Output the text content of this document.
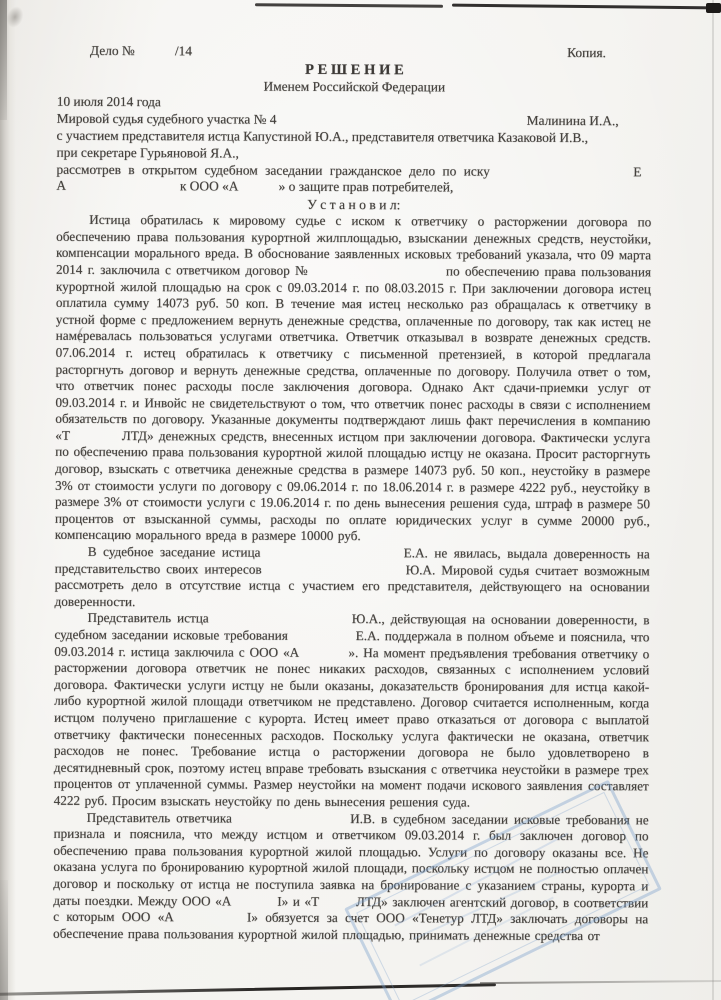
Дело №            /14	Копия.
Р Е Ш Е Н И Е
Именем Российской Федерации
10 июля 2014 года
Мировой судья судебного участка № 4	Малинина И.А.,
с участием представителя истца Капустиной Ю.А., представителя ответчика Казаковой И.В.,
при секретаре Гурьяновой Я.А.,
рассмотрев в открытом судебном заседании гражданское дело по иску	Е
А                                  к ООО «А            » о защите прав потребителей,
У с т а н о в и л:

Истица обратилась к мировому судье с иском к ответчику о расторжении договора по обеспечению права пользования курортной жилплощадью, взыскании денежных средств, неустойки, компенсации морального вреда. В обоснование заявленных исковых требований указала, что 09 марта 2014 г. заключила с ответчиком договор №                          по обеспечению права пользования курортной жилой площадью на срок с 09.03.2014 г. по 08.03.2015 г. При заключении договора истец оплатила сумму 14073 руб. 50 коп. В течение мая истец несколько раз обращалась к ответчику в устной форме с предложением вернуть денежные средства, оплаченные по договору, так как истец не намеревалась пользоваться услугами ответчика. Ответчик отказывал в возврате денежных средств. 07.06.2014 г. истец обратилась к ответчику с письменной претензией, в которой предлагала расторгнуть договор и вернуть денежные средства, оплаченные по договору. Получила ответ о том, что ответчик понес расходы после заключения договора. Однако Акт сдачи-приемки услуг от 09.03.2014 г. и Инвойс не свидетельствуют о том, что ответчик понес расходы в связи с исполнением обязательств по договору. Указанные документы подтверждают лишь факт перечисления в компанию «Т          ЛТД» денежных средств, внесенных истцом при заключении договора. Фактически услуга по обеспечению права пользования курортной жилой площадью истцу не оказана. Просит расторгнуть договор, взыскать с ответчика денежные средства в размере 14073 руб. 50 коп., неустойку в размере 3% от стоимости услуги по договору с 09.06.2014 г. по 18.06.2014 г. в размере 4222 руб., неустойку в размере 3% от стоимости услуги с 19.06.2014 г. по день вынесения решения суда, штраф в размере 50 процентов от взысканной суммы, расходы по оплате юридических услуг в сумме 20000 руб., компенсацию морального вреда в размере 10000 руб.

В судебное заседание истица                      Е.А. не явилась, выдала доверенность на представительство своих интересов                        Ю.А. Мировой судья считает возможным рассмотреть дело в отсутствие истца с участием его представителя, действующего на основании доверенности.

Представитель истца                        Ю.А., действующая на основании доверенности, в судебном заседании исковые требования              Е.А. поддержала в полном объеме и пояснила, что 09.03.2014 г. истица заключила с ООО «А          ». На момент предъявления требования ответчику о расторжении договора ответчик не понес никаких расходов, связанных с исполнением условий договора. Фактически услуги истцу не были оказаны, доказательств бронирования для истца какой-либо курортной жилой площади ответчиком не представлено. Договор считается исполненным, когда истцом получено приглашение с курорта. Истец имеет право отказаться от договора с выплатой ответчику фактически понесенных расходов. Поскольку услуга фактически не оказана, ответчик расходов не понес. Требование истца о расторжении договора не было удовлетворено в десятидневный срок, поэтому истец вправе требовать взыскания с ответчика неустойки в размере трех процентов от уплаченной суммы. Размер неустойки на момент подачи искового заявления составляет 4222 руб. Просим взыскать неустойку по день вынесения решения суда.

Представитель ответчика                    И.В. в судебном заседании исковые требования не признала и пояснила, что между истцом и ответчиком 09.03.2014 г. был заключен договор по обеспечению права пользования курортной жилой площадью. Услуги по договору оказаны все. Не оказана услуга по бронированию курортной жилой площади, поскольку истцом не полностью оплачен договор и поскольку от истца не поступила заявка на бронирование с указанием страны, курорта и даты поездки. Между ООО «А          I» и «Т        ЛТД» заключен агентский договор, в соответствии с которым ООО «А          I» обязуется за счет ООО «Тенетур ЛТД» заключать договоры на обеспечение права пользования курортной жилой площадью, принимать денежные средства от
